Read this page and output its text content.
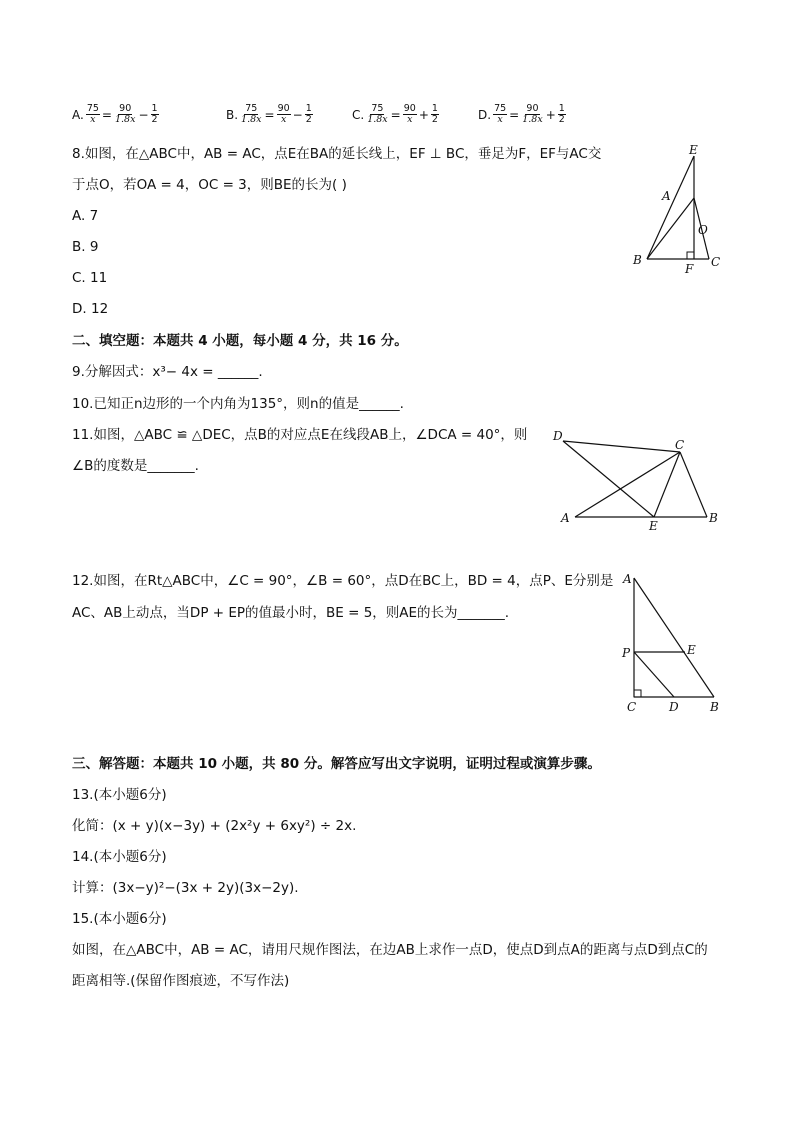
A. $\frac{75}{x} = \frac{90}{1.8x} - \frac{1}{2}$	B. $\frac{75}{1.8x} = \frac{90}{x} - \frac{1}{2}$	C. $\frac{75}{1.8x} = \frac{90}{x} + \frac{1}{2}$	D. $\frac{75}{x} = \frac{90}{1.8x} + \frac{1}{2}$
8.如图，在△ABC中，AB = AC，点E在BA的延长线上，EF ⊥ BC，垂足为F，EF与AC交
于点O，若OA = 4，OC = 3，则BE的长为( )
A. 7
B. 9
C. 11
D. 12
E
A
O
B
F C
二、填空题：本题共 4 小题，每小题 4 分，共 16 分。
9.分解因式：x³− 4x = ______.
10.已知正n边形的一个内角为135°，则n的值是______.
11.如图，△ABC ≌ △DEC，点B的对应点E在线段AB上，∠DCA = 40°，则
∠B的度数是_______.
D
C
A
E
B
12.如图，在Rt△ABC中，∠C = 90°，∠B = 60°，点D在BC上，BD = 4，点P、E分别是
AC、AB上动点，当DP + EP的值最小时，BE = 5，则AE的长为_______.
A
P	E
C	D	B
三、解答题：本题共 10 小题，共 80 分。解答应写出文字说明，证明过程或演算步骤。
13.(本小题6分)
化简：(x + y)(x−3y) + (2x²y + 6xy²) ÷ 2x.
14.(本小题6分)
计算：(3x−y)²−(3x + 2y)(3x−2y).
15.(本小题6分)
如图，在△ABC中，AB = AC，请用尺规作图法，在边AB上求作一点D，使点D到点A的距离与点D到点C的
距离相等.(保留作图痕迹，不写作法)
